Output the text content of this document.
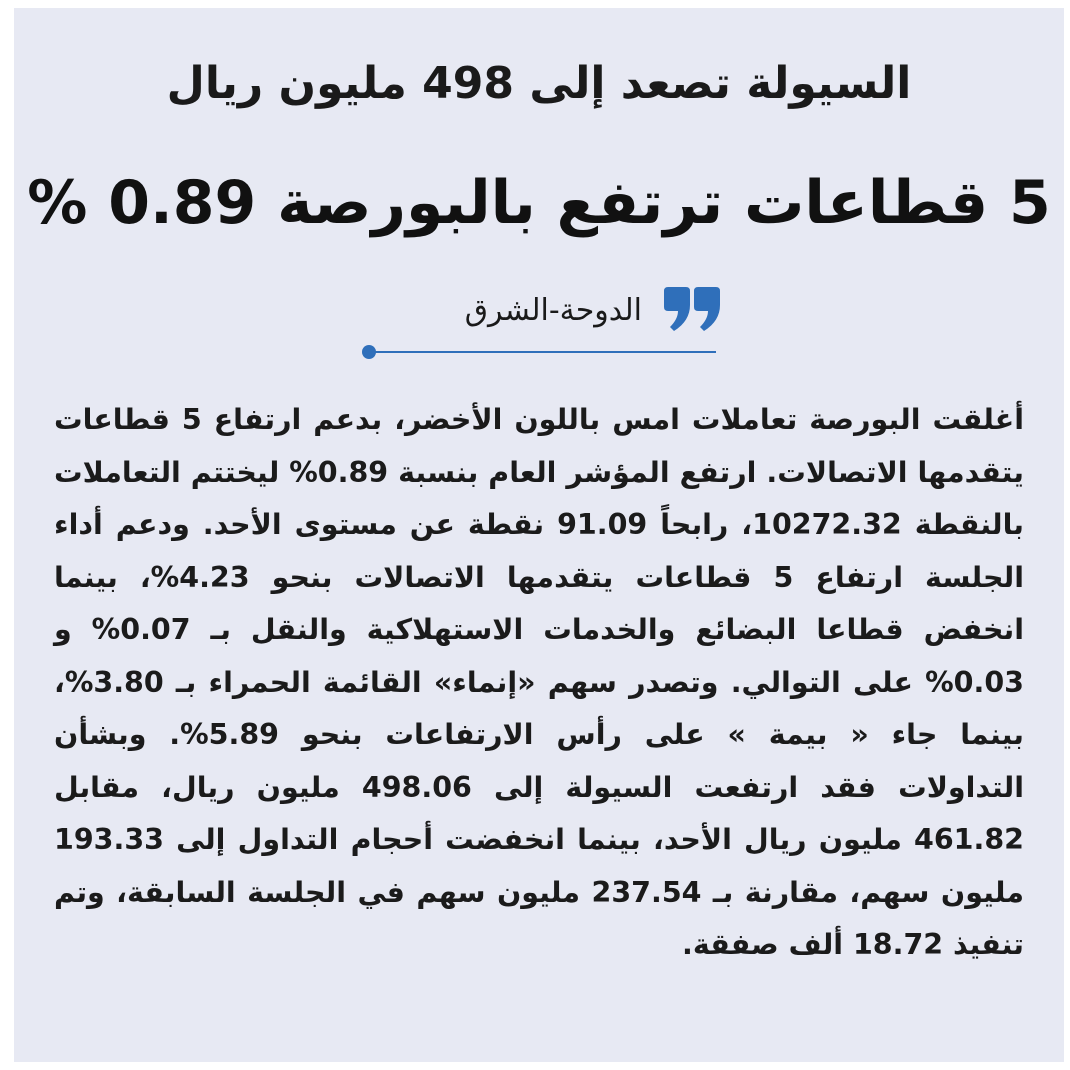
السيولة تصعد إلى 498 مليون ريال
5 قطاعات ترتفع بالبورصة 0.89 %
الدوحة-الشرق
أغلقت البورصة تعاملات امس باللون الأخضر، بدعم ارتفاع 5 قطاعات يتقدمها الاتصالات. ارتفع المؤشر العام بنسبة 0.89% ليختتم التعاملات بالنقطة 10272.32، رابحاً 91.09 نقطة عن مستوى الأحد. ودعم أداء الجلسة ارتفاع 5 قطاعات يتقدمها الاتصالات بنحو 4.23%، بينما انخفض قطاعا البضائع والخدمات الاستهلاكية والنقل بـ 0.07% و 0.03% على التوالي. وتصدر سهم «إنماء» القائمة الحمراء بـ 3.80%، بينما جاء « بيمة » على رأس الارتفاعات بنحو 5.89%. وبشأن التداولات فقد ارتفعت السيولة إلى 498.06 مليون ريال، مقابل 461.82 مليون ريال الأحد، بينما انخفضت أحجام التداول إلى 193.33 مليون سهم، مقارنة بـ 237.54 مليون سهم في الجلسة السابقة، وتم تنفيذ 18.72 ألف صفقة.
